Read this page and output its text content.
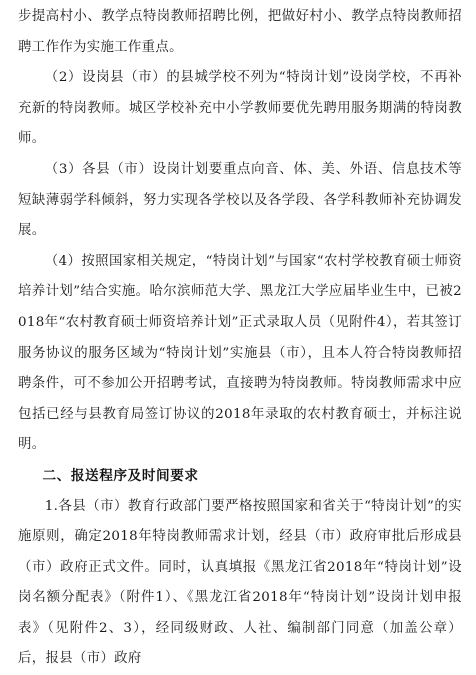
步提高村小、教学点特岗教师招聘比例，把做好村小、教学点特岗教师招聘工作作为实施工作重点。

（2）设岗县（市）的县城学校不列为“特岗计划”设岗学校，不再补充新的特岗教师。城区学校补充中小学教师要优先聘用服务期满的特岗教师。

（3）各县（市）设岗计划要重点向音、体、美、外语、信息技术等短缺薄弱学科倾斜，努力实现各学校以及各学段、各学科教师补充协调发展。

（4）按照国家相关规定，“特岗计划”与国家“农村学校教育硕士师资培养计划”结合实施。哈尔滨师范大学、黑龙江大学应届毕业生中，已被2018年“农村教育硕士师资培养计划”正式录取人员（见附件4），若其签订服务协议的服务区域为“特岗计划”实施县（市），且本人符合特岗教师招聘条件，可不参加公开招聘考试，直接聘为特岗教师。特岗教师需求中应包括已经与县教育局签订协议的2018年录取的农村教育硕士，并标注说明。

二、报送程序及时间要求

1.各县（市）教育行政部门要严格按照国家和省关于“特岗计划”的实施原则，确定2018年特岗教师需求计划，经县（市）政府审批后形成县（市）政府正式文件。同时，认真填报《黑龙江省2018年“特岗计划”设岗名额分配表》（附件1）、《黑龙江省2018年“特岗计划”设岗计划申报表》（见附件2、3），经同级财政、人社、编制部门同意（加盖公章）后，报县（市）政府
